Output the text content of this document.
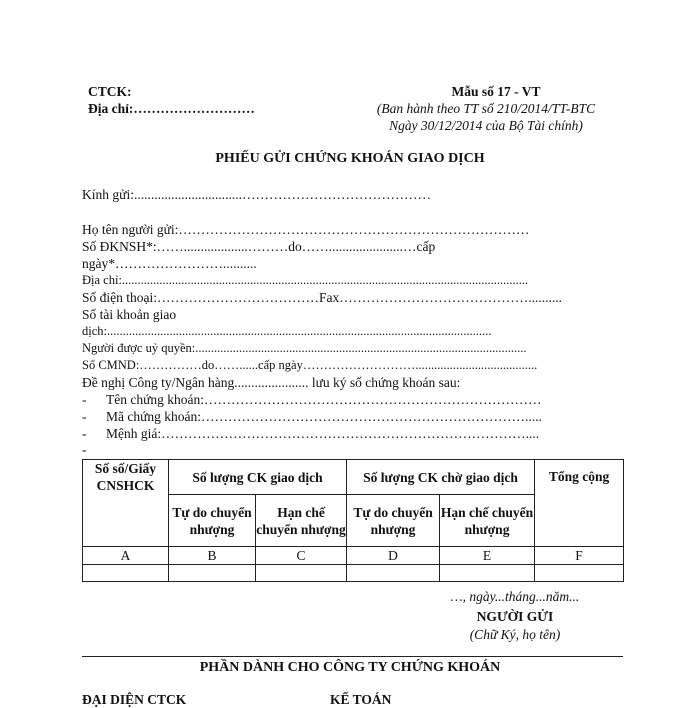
CTCK:
Địa chỉ:………………………
Mẫu số 17 - VT
(Ban hành theo TT số 210/2014/TT-BTC
Ngày 30/12/2014 của Bộ Tài chính)
PHIẾU GỬI CHỨNG KHOÁN GIAO DỊCH
Kính gửi:................................……………………………………
Họ tên người gửi:……………………………………………………………………
Số ĐKNSH*:……...................………do……......................…cấp
ngày*……………………..........
Địa chỉ:..................................................................................................................................
Số điện thoại:………………………………Fax……………………………………..........
Số tài khoản giao
dịch:...........................................................................................................................
Người được uỷ quyền:..........................................................................................................
Số CMND:……………do……......cấp ngày……………………….......................................
Đề nghị Công ty/Ngân hàng...................... lưu ký số chứng khoán sau:
- Tên chứng khoán:…………………………………………………………………
- Mã chứng khoán:……………………………………………………………….....
- Mệnh giá:………………………………………………………………………....
-
Số số/Giấy CNSHCK	Số lượng CK giao dịch		Số lượng CK chờ giao dịch		Tổng cộng
	Tự do chuyển nhượng	Hạn chế chuyển nhượng	Tự do chuyển nhượng	Hạn chế chuyển nhượng	
A	B	C	D	E	F

…, ngày...tháng...năm...
NGƯỜI GỬI
(Chữ Ký, họ tên)
PHẦN DÀNH CHO CÔNG TY CHỨNG KHOÁN
ĐẠI DIỆN CTCK	KẾ TOÁN
